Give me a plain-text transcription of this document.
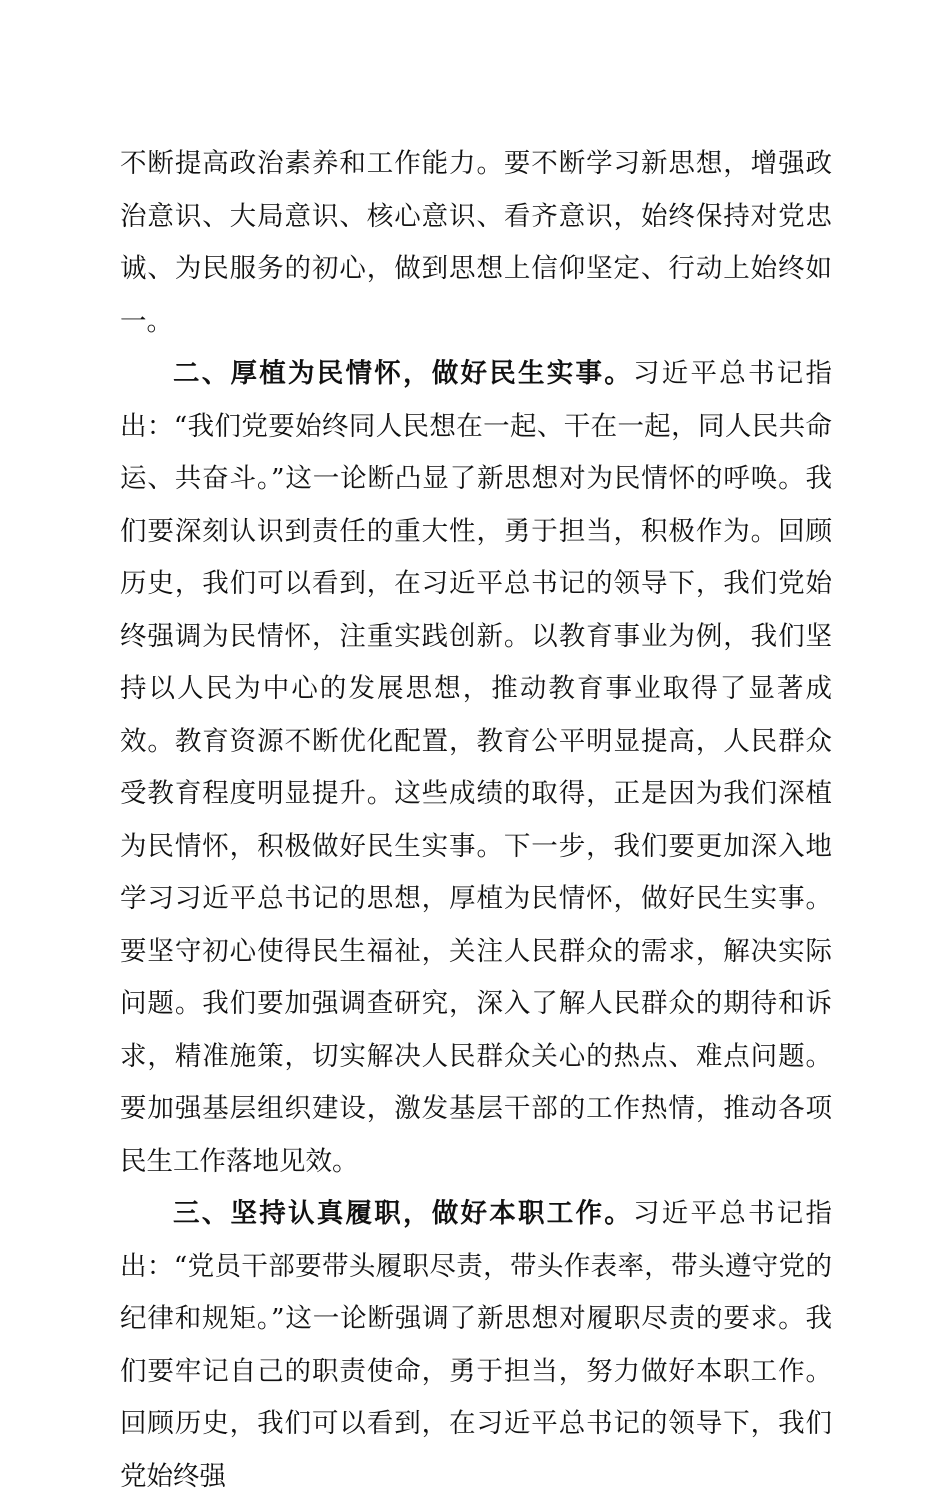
不断提高政治素养和工作能力。要不断学习新思想，增强政治意识、大局意识、核心意识、看齐意识，始终保持对党忠诚、为民服务的初心，做到思想上信仰坚定、行动上始终如一。

二、厚植为民情怀，做好民生实事。习近平总书记指出：“我们党要始终同人民想在一起、干在一起，同人民共命运、共奋斗。”这一论断凸显了新思想对为民情怀的呼唤。我们要深刻认识到责任的重大性，勇于担当，积极作为。回顾历史，我们可以看到，在习近平总书记的领导下，我们党始终强调为民情怀，注重实践创新。以教育事业为例，我们坚持以人民为中心的发展思想，推动教育事业取得了显著成效。教育资源不断优化配置，教育公平明显提高，人民群众受教育程度明显提升。这些成绩的取得，正是因为我们深植为民情怀，积极做好民生实事。下一步，我们要更加深入地学习习近平总书记的思想，厚植为民情怀，做好民生实事。要坚守初心使得民生福祉，关注人民群众的需求，解决实际问题。我们要加强调查研究，深入了解人民群众的期待和诉求，精准施策，切实解决人民群众关心的热点、难点问题。要加强基层组织建设，激发基层干部的工作热情，推动各项民生工作落地见效。

三、坚持认真履职，做好本职工作。习近平总书记指出：“党员干部要带头履职尽责，带头作表率，带头遵守党的纪律和规矩。”这一论断强调了新思想对履职尽责的要求。我们要牢记自己的职责使命，勇于担当，努力做好本职工作。回顾历史，我们可以看到，在习近平总书记的领导下，我们党始终强
